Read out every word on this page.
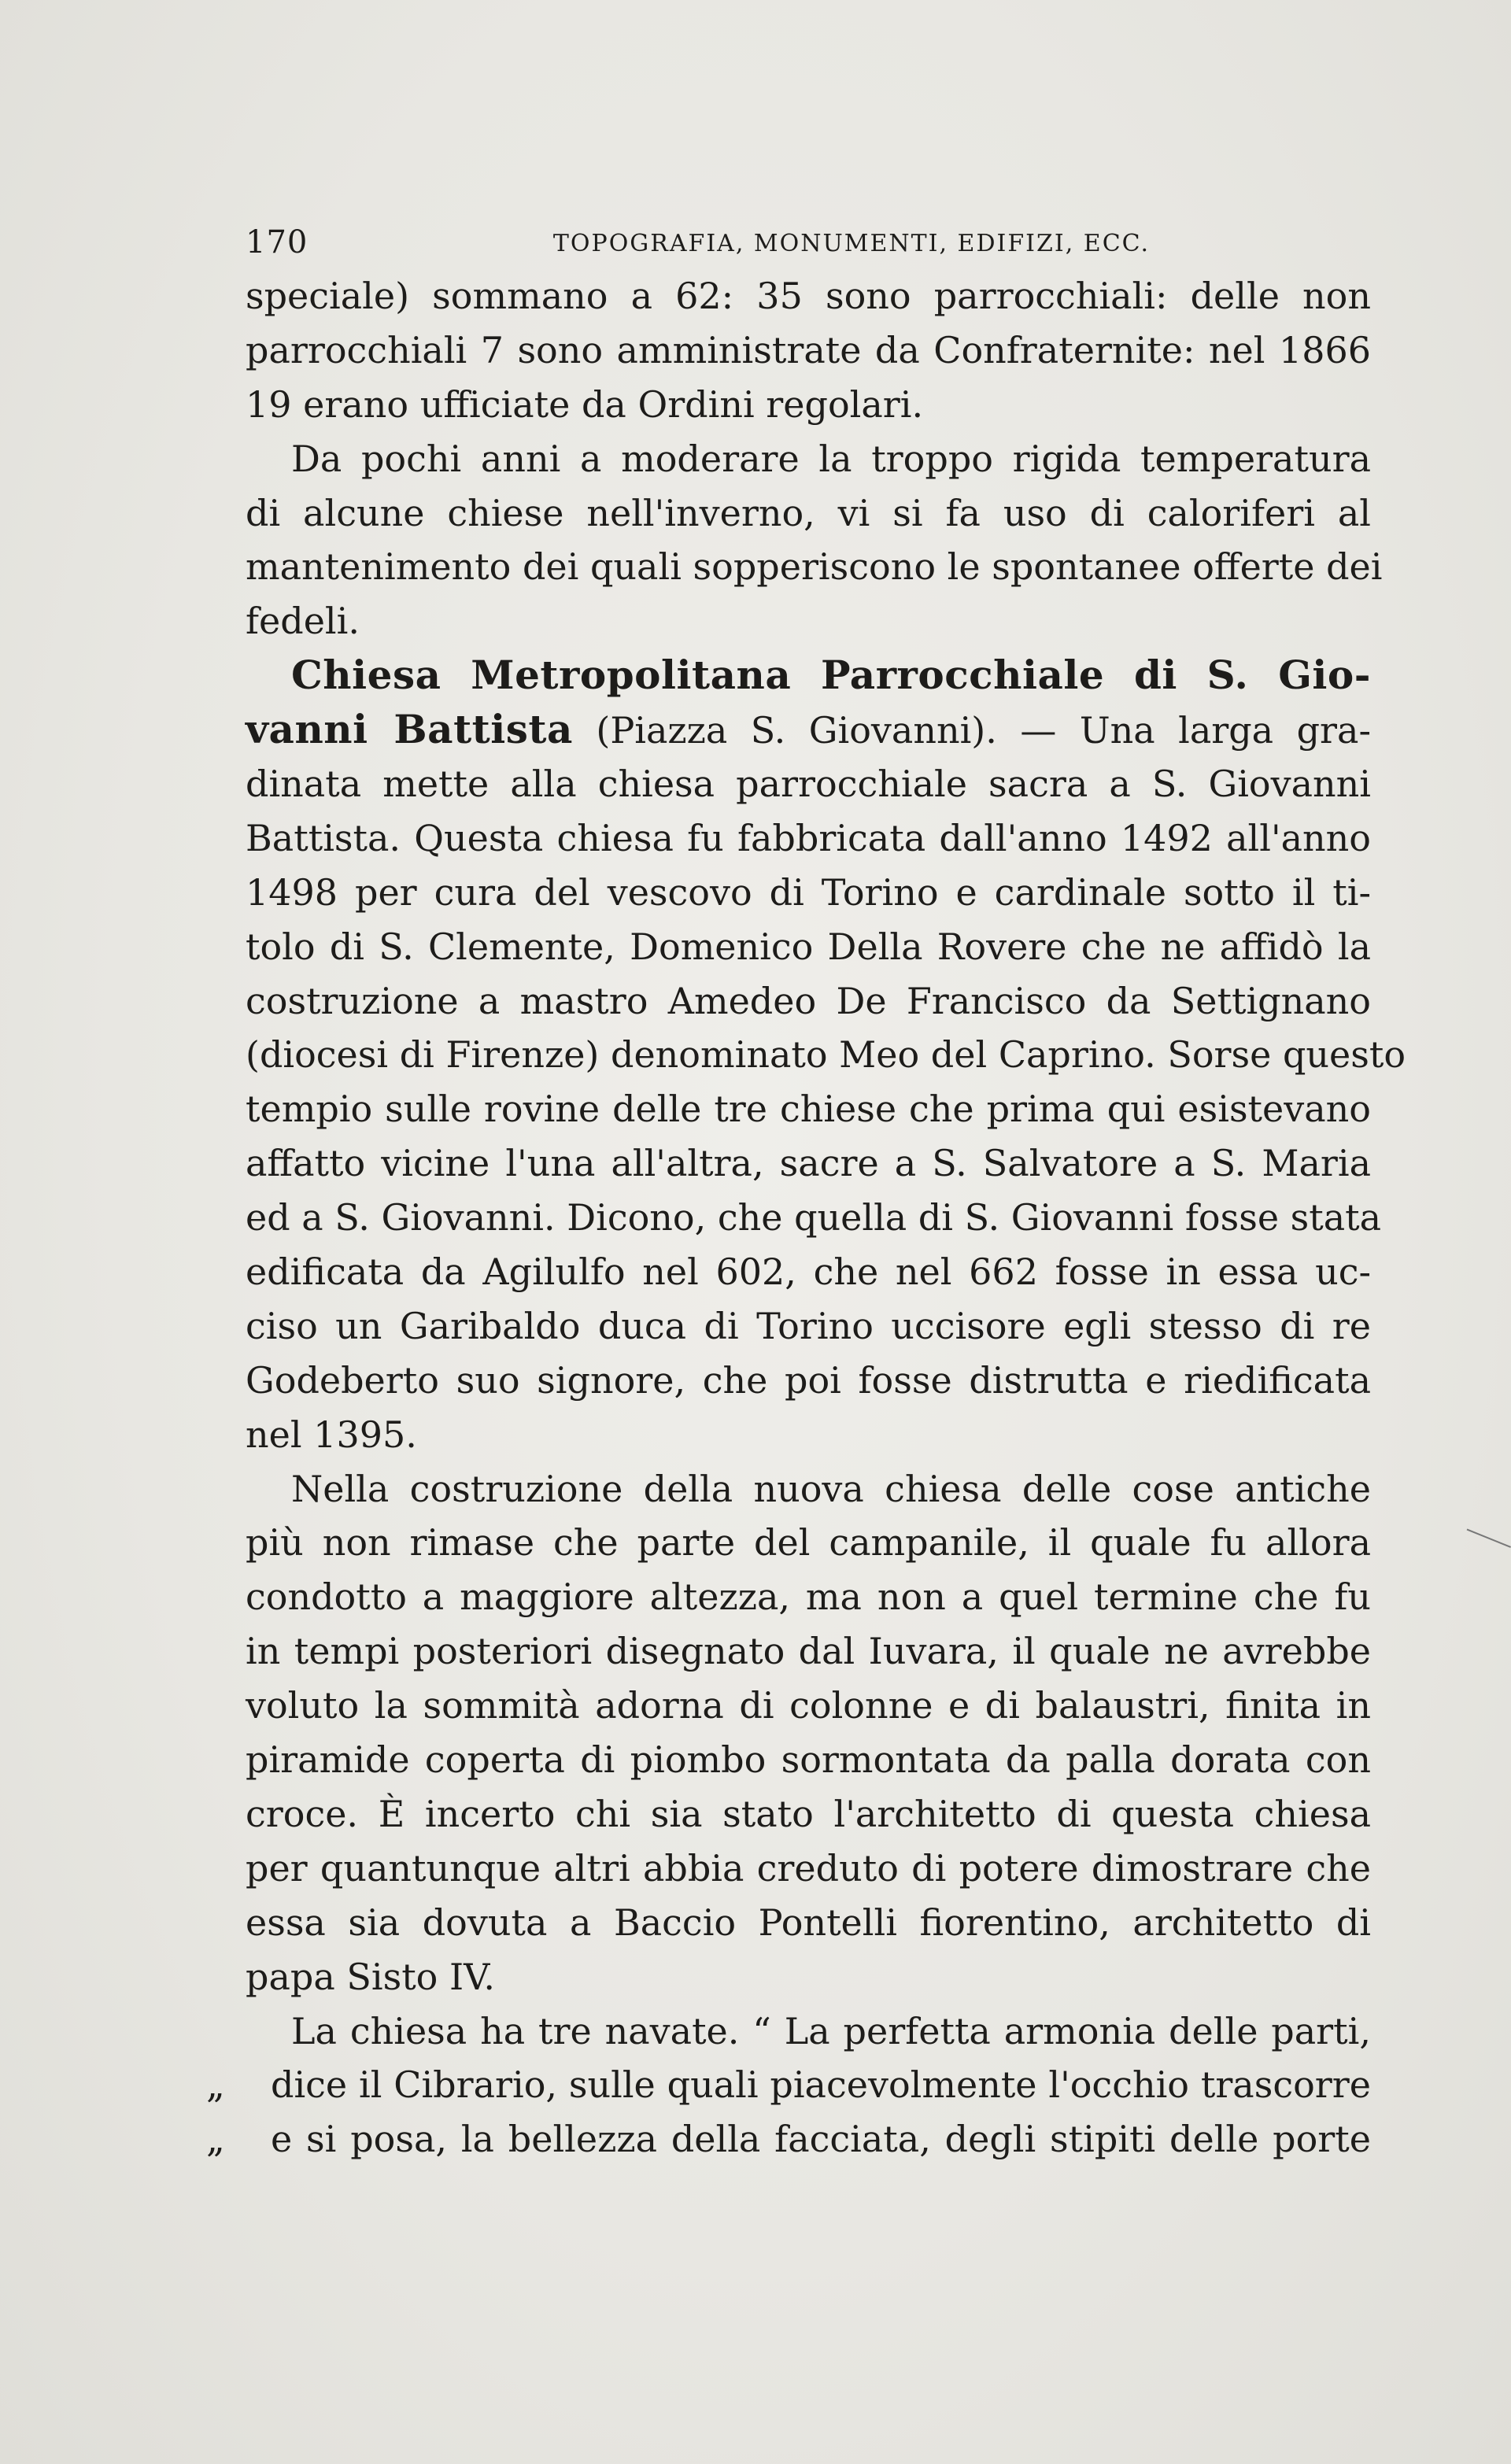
170	TOPOGRAFIA, MONUMENTI, EDIFIZI, ECC.
speciale) sommano a 62: 35 sono parrocchiali: delle non
parrocchiali 7 sono amministrate da Confraternite: nel 1866
19 erano ufficiate da Ordini regolari.
Da pochi anni a moderare la troppo rigida temperatura
di alcune chiese nell'inverno, vi si fa uso di caloriferi al
mantenimento dei quali sopperiscono le spontanee offerte dei
fedeli.
Chiesa Metropolitana Parrocchiale di S. Gio-
vanni Battista (Piazza S. Giovanni). — Una larga gra-
dinata mette alla chiesa parrocchiale sacra a S. Giovanni
Battista. Questa chiesa fu fabbricata dall'anno 1492 all'anno
1498 per cura del vescovo di Torino e cardinale sotto il ti-
tolo di S. Clemente, Domenico Della Rovere che ne affidò la
costruzione a mastro Amedeo De Francisco da Settignano
(diocesi di Firenze) denominato Meo del Caprino. Sorse questo
tempio sulle rovine delle tre chiese che prima qui esistevano
affatto vicine l'una all'altra, sacre a S. Salvatore a S. Maria
ed a S. Giovanni. Dicono, che quella di S. Giovanni fosse stata
edificata da Agilulfo nel 602, che nel 662 fosse in essa uc-
ciso un Garibaldo duca di Torino uccisore egli stesso di re
Godeberto suo signore, che poi fosse distrutta e riedificata
nel 1395.
Nella costruzione della nuova chiesa delle cose antiche
più non rimase che parte del campanile, il quale fu allora
condotto a maggiore altezza, ma non a quel termine che fu
in tempi posteriori disegnato dal Iuvara, il quale ne avrebbe
voluto la sommità adorna di colonne e di balaustri, finita in
piramide coperta di piombo sormontata da palla dorata con
croce. È incerto chi sia stato l'architetto di questa chiesa
per quantunque altri abbia creduto di potere dimostrare che
essa sia dovuta a Baccio Pontelli fiorentino, architetto di
papa Sisto IV.
La chiesa ha tre navate. “ La perfetta armonia delle parti,
„	dice il Cibrario, sulle quali piacevolmente l'occhio trascorre
„	e si posa, la bellezza della facciata, degli stipiti delle porte
